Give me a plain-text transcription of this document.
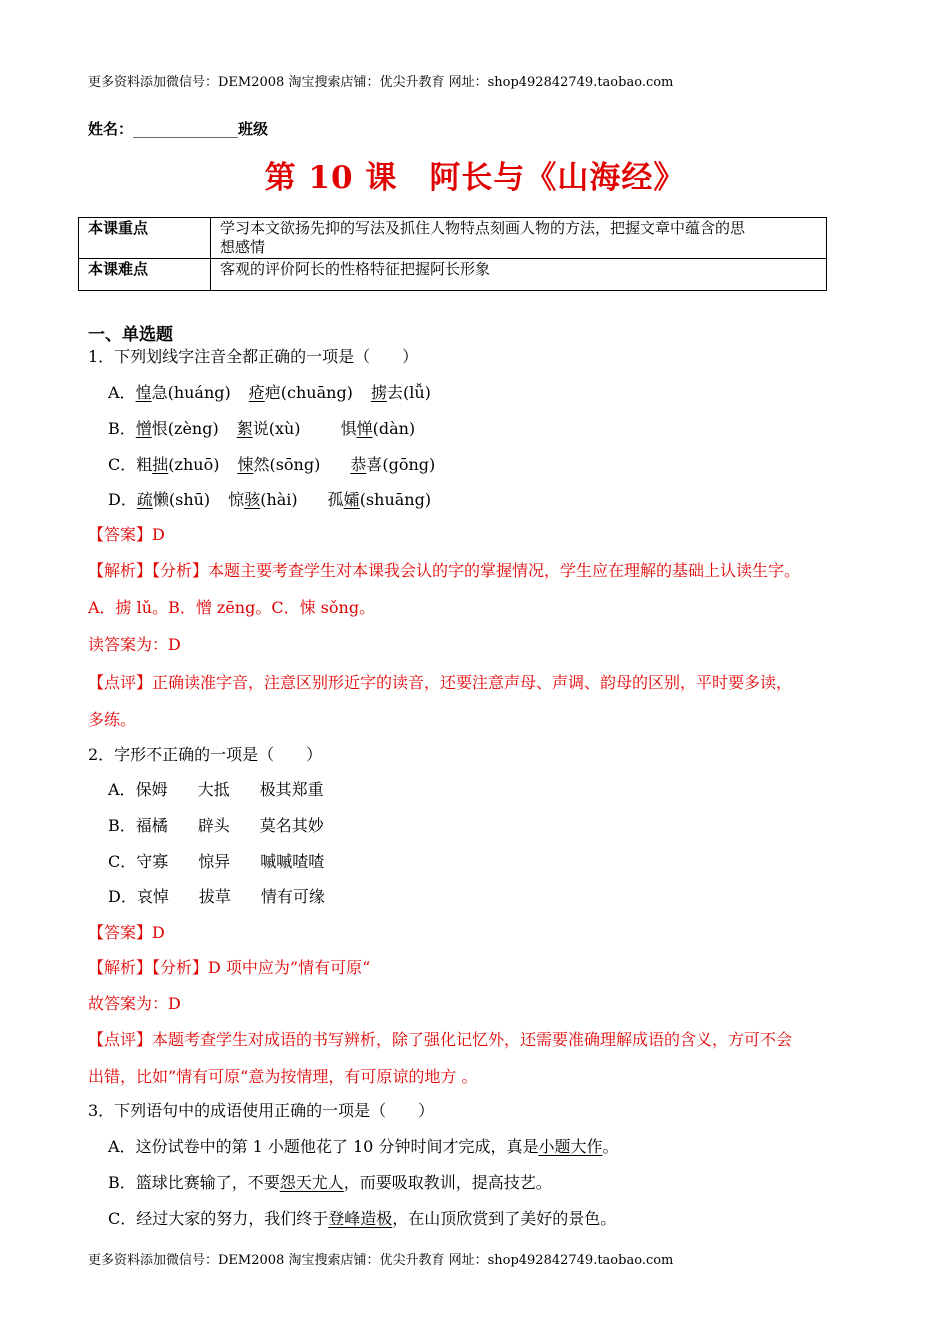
更多资料添加微信号：DEM2008 淘宝搜索店铺：优尖升教育 网址：shop492842749.taobao.com
姓名：______________班级
第 10 课　阿长与《山海经》
本课重点	学习本文欲扬先抑的写法及抓住人物特点刻画人物的方法，把握文章中蕴含的思
想感情

本课难点	客观的评价阿长的性格特征把握阿长形象
一、单选题
1．下列划线字注音全都正确的一项是（　　）
A．惶急(huáng) 疮疤(chuāng) 掳去(lǚ)
B．憎恨(zèng) 絮说(xù)	惧惮(dàn)
C．粗拙(zhuō) 悚然(sōng) 恭喜(gōng)
D．疏懒(shū) 惊骇(hài) 孤孀(shuāng)
【答案】D
【解析】【分析】本题主要考查学生对本课我会认的字的掌握情况，学生应在理解的基础上认读生字。
A．掳 lǔ。B．憎 zēng。C．悚 sǒng。
读答案为：D
【点评】正确读准字音，注意区别形近字的读音，还要注意声母、声调、韵母的区别，平时要多读，
多练。
2．字形不正确的一项是（　　）
A．保姆 大抵 极其郑重
B．福橘 辟头 莫名其妙
C．守寡 惊异 嘁嘁喳喳
D．哀悼 拔草 情有可缘
【答案】D
【解析】【分析】D 项中应为”情有可原“
故答案为：D
【点评】本题考查学生对成语的书写辨析，除了强化记忆外，还需要准确理解成语的含义，方可不会
出错，比如”情有可原“意为按情理，有可原谅的地方 。
3．下列语句中的成语使用正确的一项是（　　）
A．这份试卷中的第 1 小题他花了 10 分钟时间才完成，真是小题大作。
B．篮球比赛输了，不要怨天尤人，而要吸取教训，提高技艺。
C．经过大家的努力，我们终于登峰造极，在山顶欣赏到了美好的景色。
更多资料添加微信号：DEM2008 淘宝搜索店铺：优尖升教育 网址：shop492842749.taobao.com
